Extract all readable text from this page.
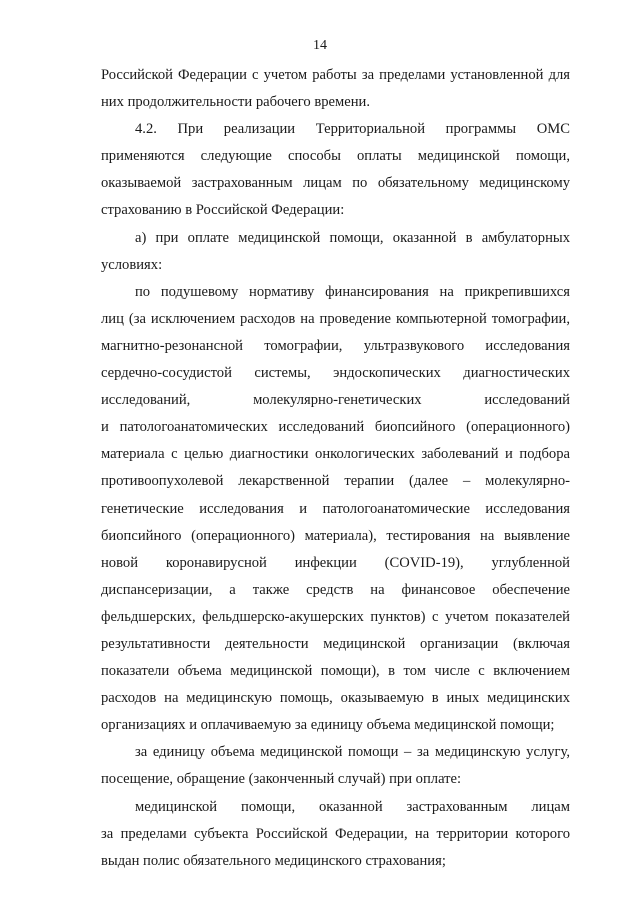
14
Российской Федерации с учетом работы за пределами установленной для
них продолжительности рабочего времени.
4.2. При реализации Территориальной программы ОМС
применяются следующие способы оплаты медицинской помощи,
оказываемой застрахованным лицам по обязательному медицинскому
страхованию в Российской Федерации:
а) при оплате медицинской помощи, оказанной в амбулаторных
условиях:
по подушевому нормативу финансирования на прикрепившихся
лиц (за исключением расходов на проведение компьютерной томографии,
магнитно-резонансной томографии, ультразвукового исследования
сердечно-сосудистой системы, эндоскопических диагностических
исследований, молекулярно-генетических исследований
и патологоанатомических исследований биопсийного (операционного)
материала с целью диагностики онкологических заболеваний и подбора
противоопухолевой лекарственной терапии (далее – молекулярно-
генетические исследования и патологоанатомические исследования
биопсийного (операционного) материала), тестирования на выявление
новой коронавирусной инфекции (COVID-19), углубленной
диспансеризации, а также средств на финансовое обеспечение
фельдшерских, фельдшерско-акушерских пунктов) с учетом показателей
результативности деятельности медицинской организации (включая
показатели объема медицинской помощи), в том числе с включением
расходов на медицинскую помощь, оказываемую в иных медицинских
организациях и оплачиваемую за единицу объема медицинской помощи;
за единицу объема медицинской помощи – за медицинскую услугу,
посещение, обращение (законченный случай) при оплате:
медицинской помощи, оказанной застрахованным лицам
за пределами субъекта Российской Федерации, на территории которого
выдан полис обязательного медицинского страхования;
